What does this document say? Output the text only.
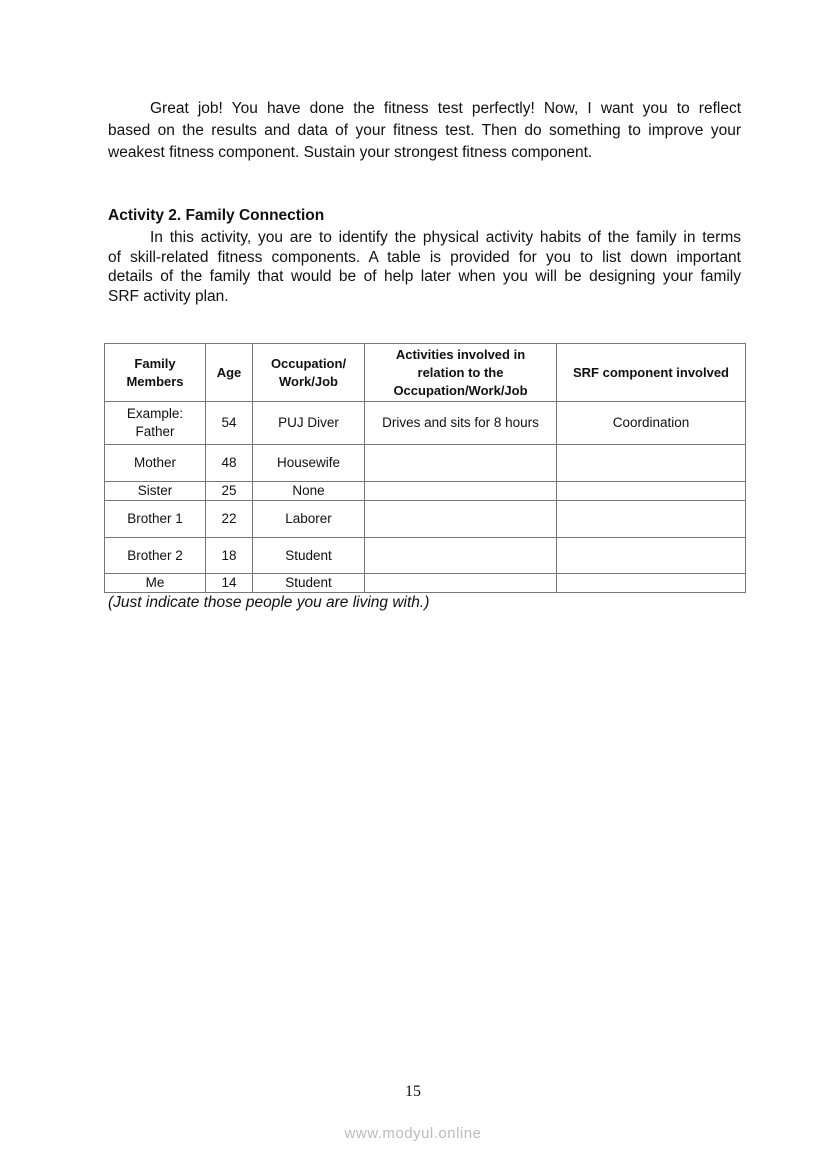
Great job! You have done the fitness test perfectly! Now, I want you to reflect
based on the results and data of your fitness test. Then do something to improve your
weakest fitness component. Sustain your strongest fitness component.
Activity 2. Family Connection
In this activity, you are to identify the physical activity habits of the family in terms
of skill-related fitness components. A table is provided for you to list down important
details of the family that would be of help later when you will be designing your family
SRF activity plan.
Family Members	Age	Occupation/ Work/Job	Activities involved in relation to the Occupation/Work/Job	SRF component involved
Example: Father	54	PUJ Diver	Drives and sits for 8 hours	Coordination
Mother	48	Housewife		
Sister	25	None		
Brother 1	22	Laborer		
Brother 2	18	Student		
Me	14	Student		
(Just indicate those people you are living with.)
15
www.modyul.online
